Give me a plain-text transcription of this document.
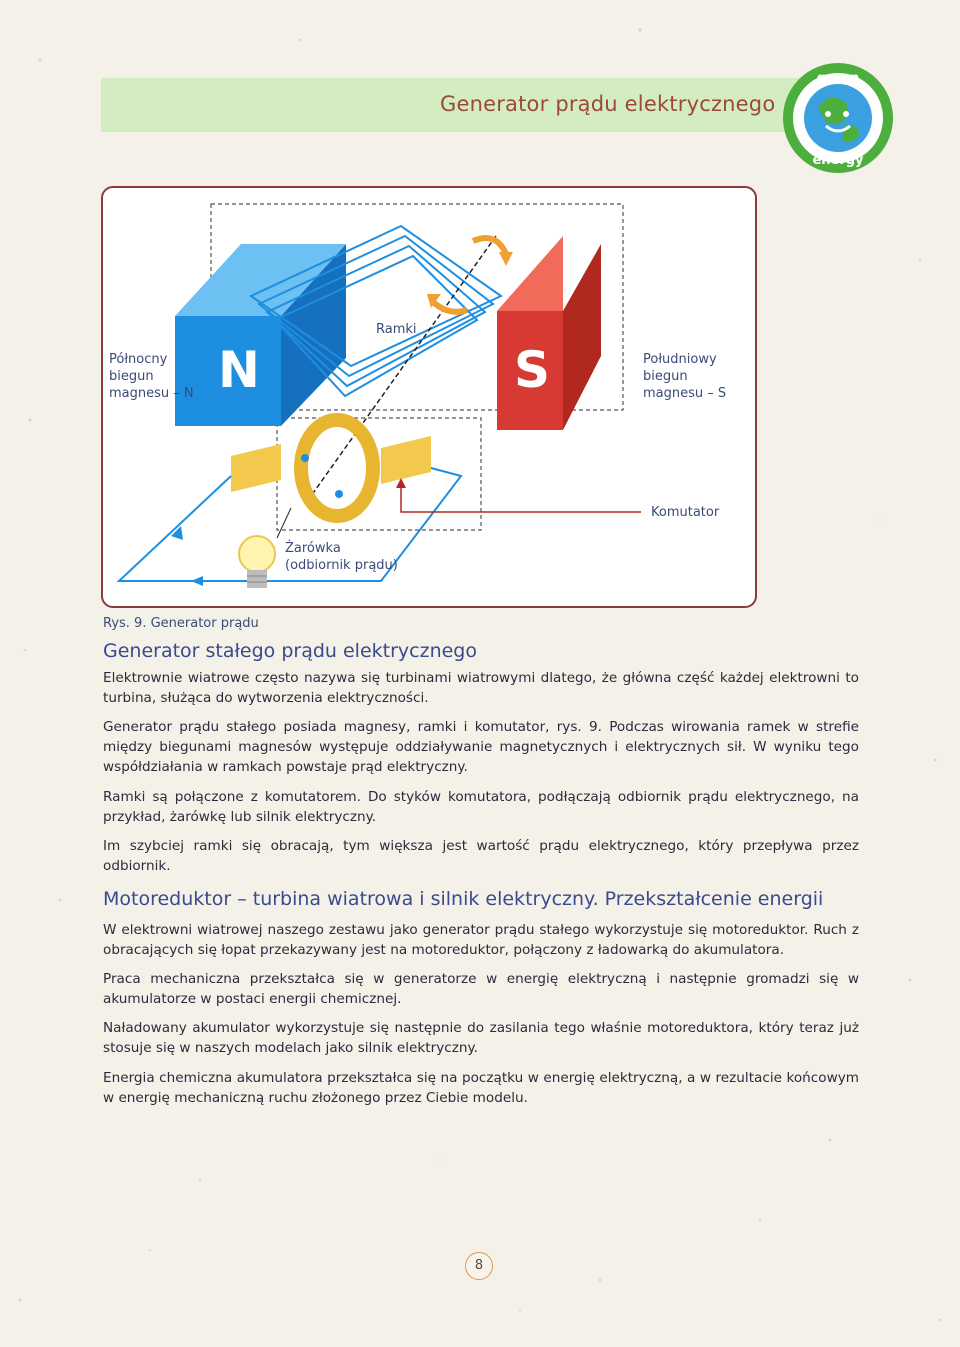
Generator prądu elektrycznego
green
energy
Północny
biegun
magnesu – N N
Ramki
S	Południowy
biegun
magnesu – S
Komutator
Żarówka
(odbiornik prądu)
Rys. 9. Generator prądu
Generator stałego prądu elektrycznego

Elektrownie wiatrowe często nazywa się turbinami wiatrowymi dlatego, że główna część każdej elektrowni to turbina, służąca do wytworzenia elektryczności.

Generator prądu stałego posiada magnesy, ramki i komutator, rys. 9. Podczas wirowania ramek w strefie między biegunami magnesów występuje oddziaływanie magnetycznych i elektrycznych sił. W wyniku tego współdziałania w ramkach powstaje prąd elektryczny.

Ramki są połączone z komutatorem. Do styków komutatora, podłączają odbiornik prądu elektrycznego, na przykład, żarówkę lub silnik elektryczny.

Im szybciej ramki się obracają, tym większa jest wartość prądu elektrycznego, który przepływa przez odbiornik.

Motoreduktor – turbina wiatrowa i silnik elektryczny. Przekształcenie energii

W elektrowni wiatrowej naszego zestawu jako generator prądu stałego wykorzystuje się motoreduktor. Ruch z obracających się łopat przekazywany jest na motoreduktor, połączony z ładowarką do akumulatora.

Praca mechaniczna przekształca się w generatorze w energię elektryczną i następnie gromadzi się w akumulatorze w postaci energii chemicznej.

Naładowany akumulator wykorzystuje się następnie do zasilania tego właśnie motoreduktora, który teraz już stosuje się w naszych modelach jako silnik elektryczny.

Energia chemiczna akumulatora przekształca się na początku w energię elektryczną, a w rezultacie końcowym w energię mechaniczną ruchu złożonego przez Ciebie modelu.

8
